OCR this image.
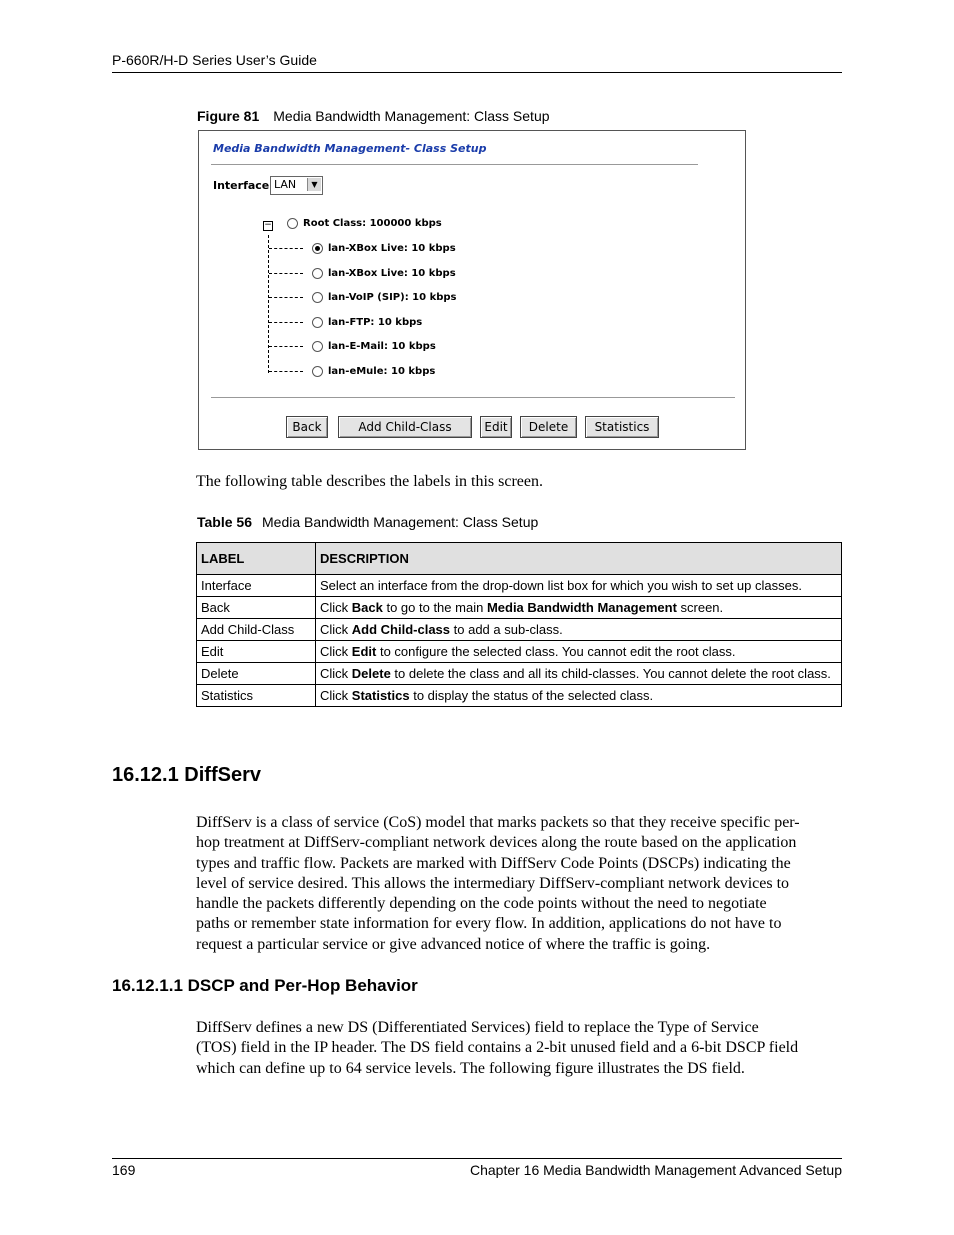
P-660R/H-D Series User’s Guide
Figure 81 Media Bandwidth Management: Class Setup
Media Bandwidth Management- Class Setup
Interface LAN	▼
−	Root Class: 100000 kbps
lan-XBox Live: 10 kbps
lan-XBox Live: 10 kbps
lan-VoIP (SIP): 10 kbps
lan-FTP: 10 kbps
lan-E-Mail: 10 kbps
lan-eMule: 10 kbps
Back	Add Child-Class	Edit	Delete	Statistics
The following table describes the labels in this screen.
Table 56 Media Bandwidth Management: Class Setup
LABEL	DESCRIPTION
Interface	Select an interface from the drop-down list box for which you wish to set up classes.
Back	Click Back to go to the main Media Bandwidth Management screen.
Add Child-Class	Click Add Child-class to add a sub-class.
Edit	Click Edit to configure the selected class. You cannot edit the root class.
Delete	Click Delete to delete the class and all its child-classes. You cannot delete the root class.
Statistics	Click Statistics to display the status of the selected class.
16.12.1 DiffServ
DiffServ is a class of service (CoS) model that marks packets so that they receive specific per-
hop treatment at DiffServ-compliant network devices along the route based on the application
types and traffic flow. Packets are marked with DiffServ Code Points (DSCPs) indicating the
level of service desired. This allows the intermediary DiffServ-compliant network devices to
handle the packets differently depending on the code points without the need to negotiate
paths or remember state information for every flow. In addition, applications do not have to
request a particular service or give advanced notice of where the traffic is going.
16.12.1.1 DSCP and Per-Hop Behavior
DiffServ defines a new DS (Differentiated Services) field to replace the Type of Service
(TOS) field in the IP header. The DS field contains a 2-bit unused field and a 6-bit DSCP field
which can define up to 64 service levels. The following figure illustrates the DS field.
169	Chapter 16 Media Bandwidth Management Advanced Setup
